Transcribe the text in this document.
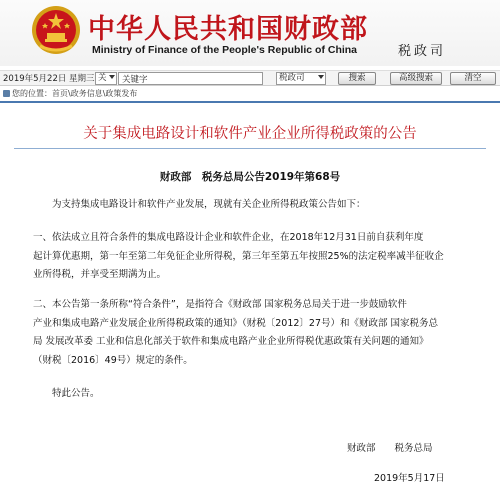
中华人民共和国财政部
Ministry of Finance of the People's Republic of China	税政司
2019年5月22日 星期三 关
关键字	税政司	搜索	高级搜索	清空
您的位置：首页\政务信息\政策发布
关于集成电路设计和软件产业企业所得税政策的公告
财政部　税务总局公告2019年第68号
为支持集成电路设计和软件产业发展，现就有关企业所得税政策公告如下：
一、依法成立且符合条件的集成电路设计企业和软件企业，在2018年12月31日前自获利年度
起计算优惠期，第一年至第二年免征企业所得税，第三年至第五年按照25%的法定税率减半征收企
业所得税，并享受至期满为止。
二、本公告第一条所称“符合条件”，是指符合《财政部 国家税务总局关于进一步鼓励软件
产业和集成电路产业发展企业所得税政策的通知》（财税〔2012〕27号）和《财政部 国家税务总
局 发展改革委 工业和信息化部关于软件和集成电路产业企业所得税优惠政策有关问题的通知》
（财税〔2016〕49号）规定的条件。
特此公告。
财政部　　税务总局
2019年5月17日
